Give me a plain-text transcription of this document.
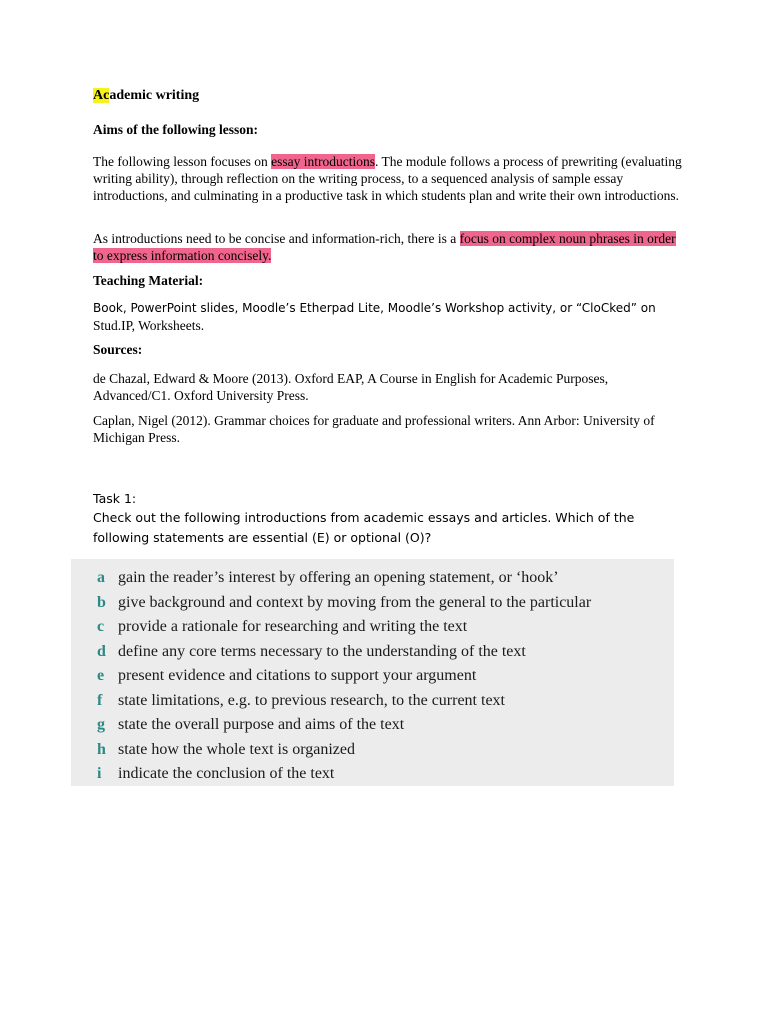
Academic writing
Aims of the following lesson:
The following lesson focuses on essay introductions. The module follows a process of prewriting (evaluating writing ability), through reflection on the writing process, to a sequenced analysis of sample essay introductions, and culminating in a productive task in which students plan and write their own introductions.
As introductions need to be concise and information-rich, there is a focus on complex noun phrases in order to express information concisely.
Teaching Material:
Book, PowerPoint slides, Moodle’s Etherpad Lite, Moodle’s Workshop activity, or “CloCked” on
Stud.IP, Worksheets.
Sources:
de Chazal, Edward & Moore (2013). Oxford EAP, A Course in English for Academic Purposes, Advanced/C1. Oxford University Press.
Caplan, Nigel (2012). Grammar choices for graduate and professional writers. Ann Arbor: University of Michigan Press.
Task 1:
Check out the following introductions from academic essays and articles. Which of the following statements are essential (E) or optional (O)?
a gain the reader’s interest by offering an opening statement, or ‘hook’
b give background and context by moving from the general to the particular
c provide a rationale for researching and writing the text
d define any core terms necessary to the understanding of the text
e present evidence and citations to support your argument
f state limitations, e.g. to previous research, to the current text
g state the overall purpose and aims of the text
h state how the whole text is organized
i	indicate the conclusion of the text
